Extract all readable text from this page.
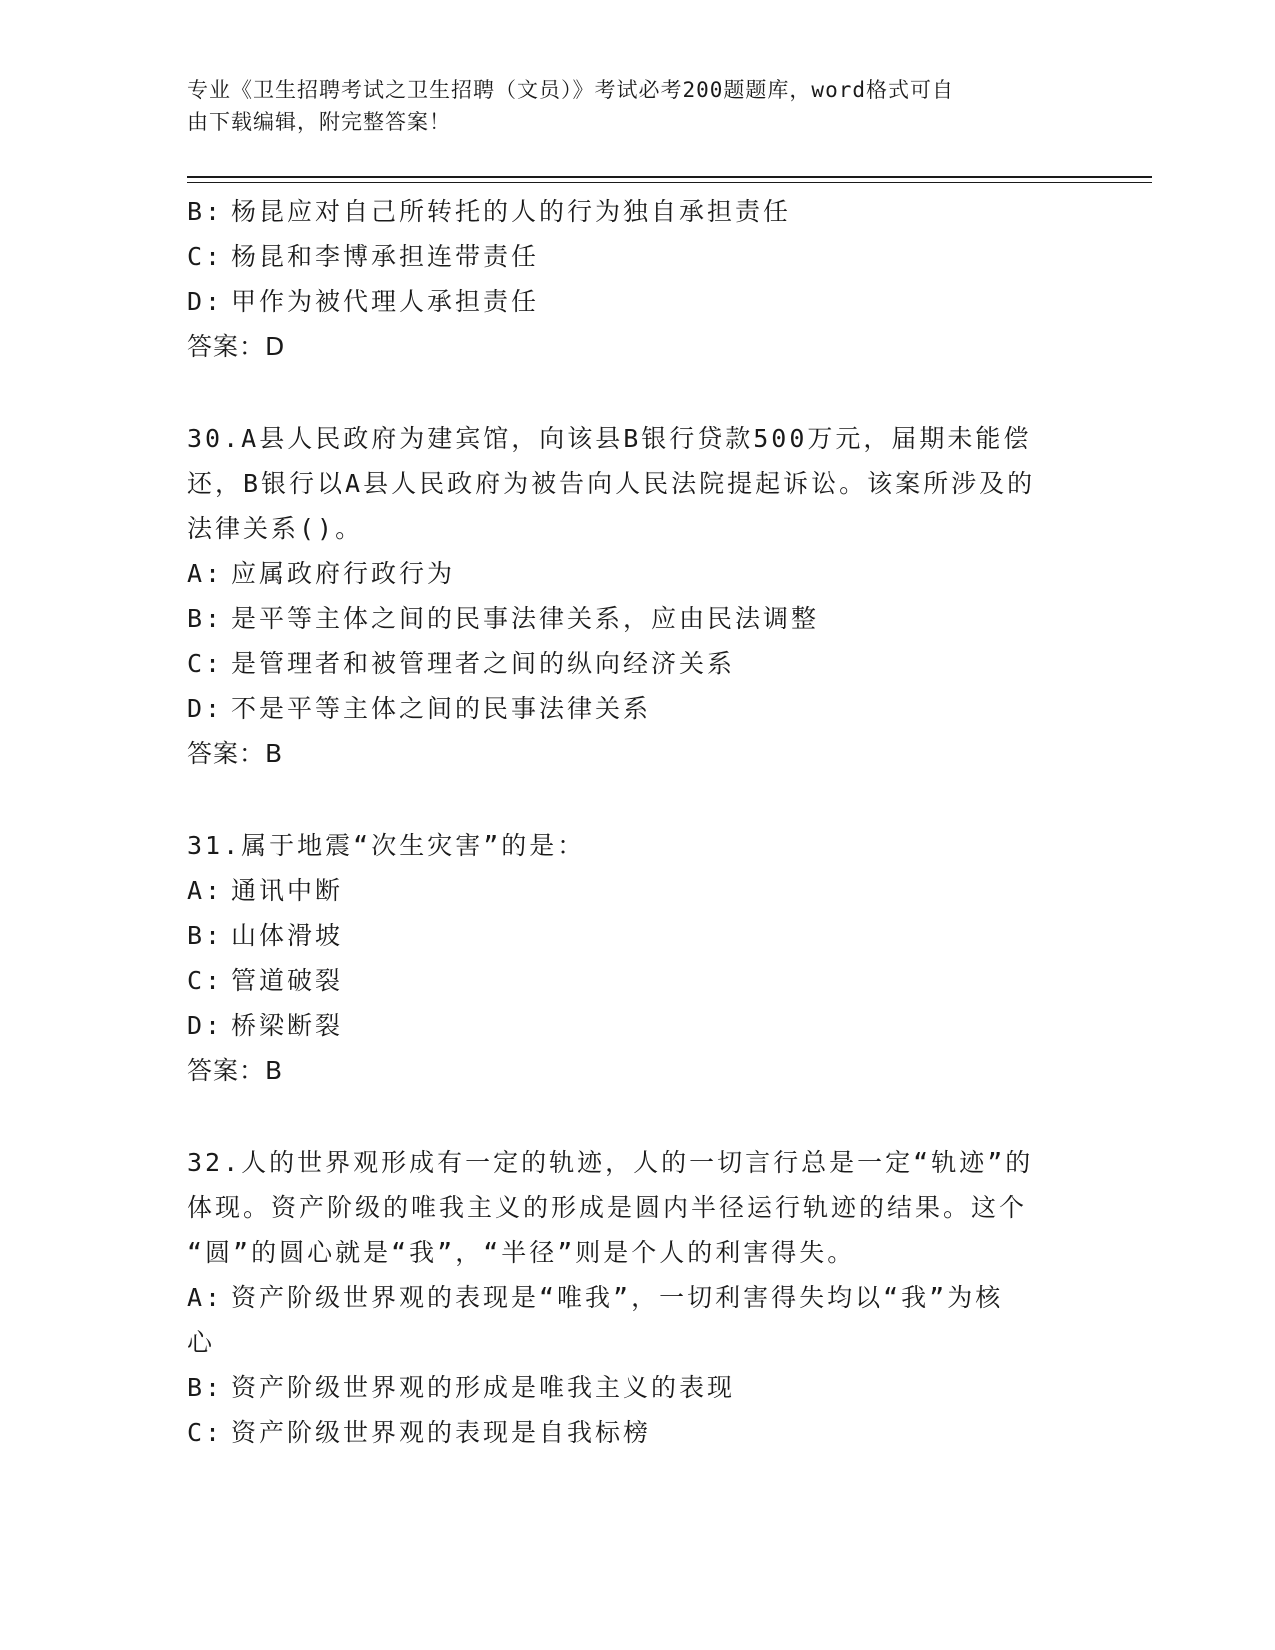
专业《卫生招聘考试之卫生招聘（文员）》考试必考200题题库，word格式可自
由下载编辑，附完整答案！
B: 杨昆应对自己所转托的人的行为独自承担责任
C: 杨昆和李博承担连带责任
D: 甲作为被代理人承担责任
答案：D
30.A县人民政府为建宾馆，向该县B银行贷款500万元，届期未能偿
还，B银行以A县人民政府为被告向人民法院提起诉讼。该案所涉及的
法律关系()。
A: 应属政府行政行为
B: 是平等主体之间的民事法律关系，应由民法调整
C: 是管理者和被管理者之间的纵向经济关系
D: 不是平等主体之间的民事法律关系
答案：B
31.属于地震“次生灾害”的是：
A: 通讯中断
B: 山体滑坡
C: 管道破裂
D: 桥梁断裂
答案：B
32.人的世界观形成有一定的轨迹，人的一切言行总是一定“轨迹”的
体现。资产阶级的唯我主义的形成是圆内半径运行轨迹的结果。这个
“圆”的圆心就是“我”，“半径”则是个人的利害得失。
A: 资产阶级世界观的表现是“唯我”，一切利害得失均以“我”为核
心
B: 资产阶级世界观的形成是唯我主义的表现
C: 资产阶级世界观的表现是自我标榜
